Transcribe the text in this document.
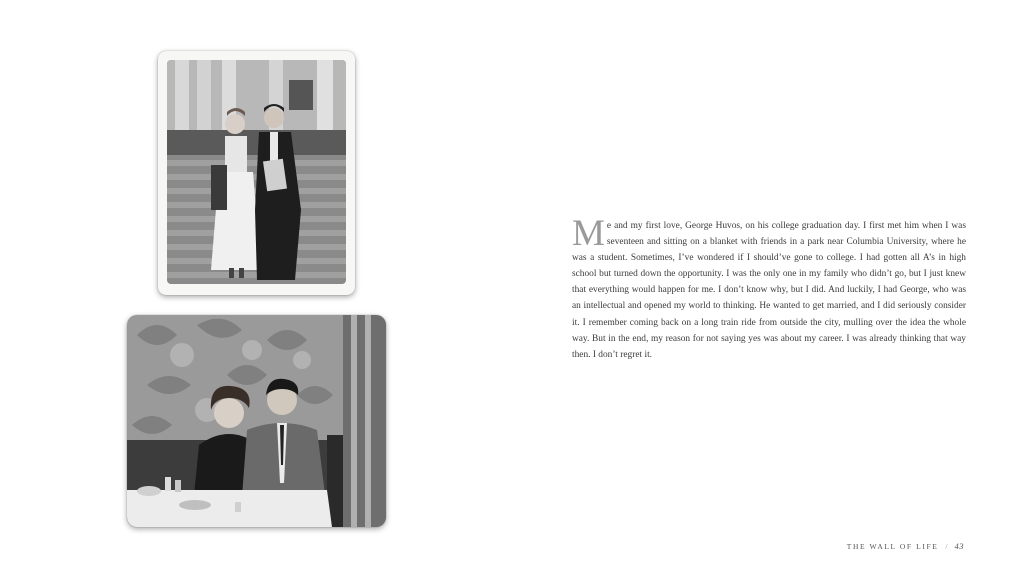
Me and my first love, George Huvos, on his college graduation day. I first met him when I was seventeen and sitting on a blanket with friends in a park near Columbia University, where he was a student. Sometimes, I’ve wondered if I should’ve gone to college. I had gotten all A’s in high school but turned down the opportunity. I was the only one in my family who didn’t go, but I just knew that everything would happen for me. I don’t know why, but I did. And luckily, I had George, who was an intellectual and opened my world to thinking. He wanted to get married, and I did seriously consider it. I remember coming back on a long train ride from outside the city, mulling over the idea the whole way. But in the end, my reason for not saying yes was about my career. I was already thinking that way then. I don’t regret it.
THE WALL OF LIFE / 43
